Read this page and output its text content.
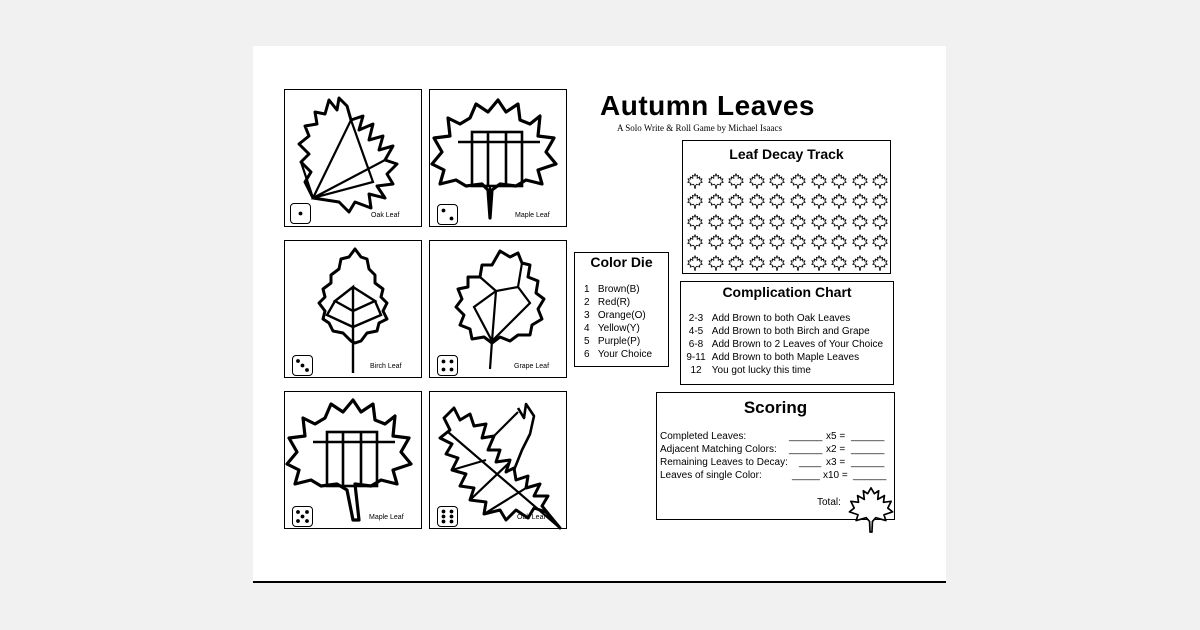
Oak Leaf	Maple Leaf
Birch Leaf	Grape Leaf
Maple Leaf	Oak Leaf
Autumn Leaves
A Solo Write & Roll Game by Michael Isaacs
Leaf Decay Track
Color Die
1 Brown(B)
2 Red(R)
3 Orange(O)
4 Yellow(Y)
5 Purple(P)
6 Your Choice
Complication Chart
2-3 Add Brown to both Oak Leaves
4-5 Add Brown to both Birch and Grape
6-8 Add Brown to 2 Leaves of Your Choice
9-11 Add Brown to both Maple Leaves
12 You got lucky this time
Scoring
Completed Leaves:	______ x5 = ______
Adjacent Matching Colors: ______ x2 = ______
Remaining Leaves to Decay: ____ x3 = ______
Leaves of single Color:	_____ x10 = ______
Total:
